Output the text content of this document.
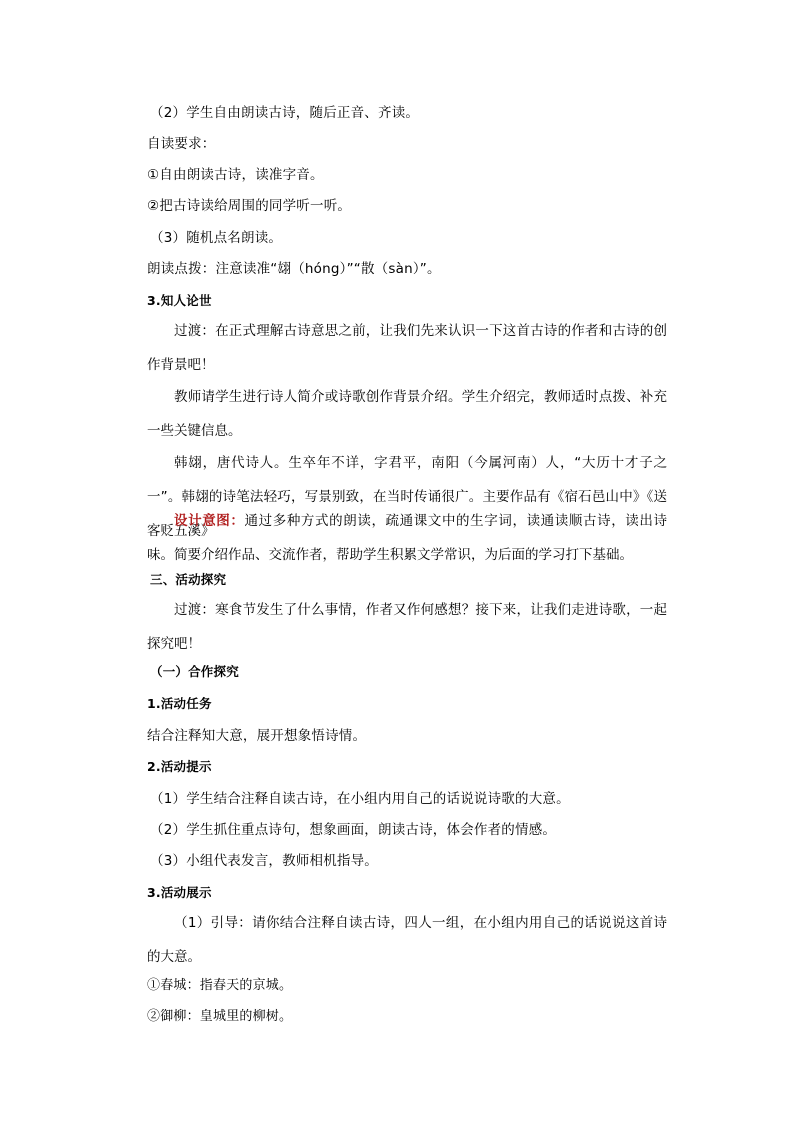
（2）学生自由朗读古诗，随后正音、齐读。
自读要求：
①自由朗读古诗，读准字音。
②把古诗读给周围的同学听一听。
（3）随机点名朗读。
朗读点拨：注意读准“翃（hóng）”“散（sàn）”。
3.知人论世
过渡：在正式理解古诗意思之前，让我们先来认识一下这首古诗的作者和古诗的创作背景吧！
教师请学生进行诗人简介或诗歌创作背景介绍。学生介绍完，教师适时点拨、补充一些关键信息。
韩翃，唐代诗人。生卒年不详，字君平，南阳（今属河南）人，“大历十才子之一”。韩翃的诗笔法轻巧，写景别致，在当时传诵很广。主要作品有《宿石邑山中》《送客贬五溪》
设计意图：通过多种方式的朗读，疏通课文中的生字词，读通读顺古诗，读出诗味。简要介绍作品、交流作者，帮助学生积累文学常识，为后面的学习打下基础。
三、活动探究
过渡：寒食节发生了什么事情，作者又作何感想？接下来，让我们走进诗歌，一起探究吧！
（一）合作探究
1.活动任务
结合注释知大意，展开想象悟诗情。
2.活动提示
（1）学生结合注释自读古诗，在小组内用自己的话说说诗歌的大意。
（2）学生抓住重点诗句，想象画面，朗读古诗，体会作者的情感。
（3）小组代表发言，教师相机指导。
3.活动展示
（1）引导：请你结合注释自读古诗，四人一组，在小组内用自己的话说说这首诗的大意。
①春城：指春天的京城。
②御柳：皇城里的柳树。
